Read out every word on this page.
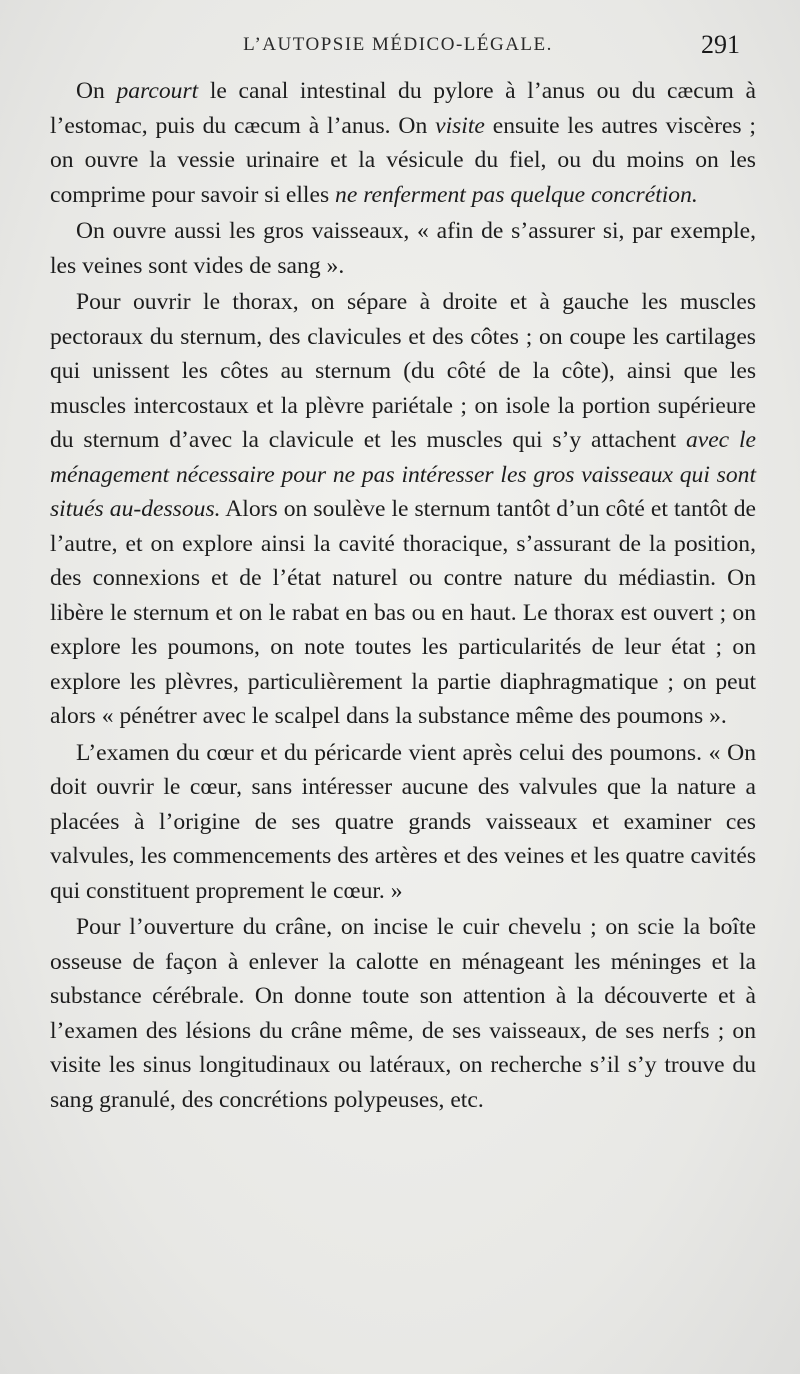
L’AUTOPSIE MÉDICO-LÉGALE.	291

On parcourt le canal intestinal du pylore à l’anus ou du cæcum à l’estomac, puis du cæcum à l’anus. On visite ensuite les autres viscères ; on ouvre la vessie urinaire et la vésicule du fiel, ou du moins on les comprime pour savoir si elles ne renferment pas quelque concrétion.

On ouvre aussi les gros vaisseaux, « afin de s’assurer si, par exemple, les veines sont vides de sang ».

Pour ouvrir le thorax, on sépare à droite et à gauche les muscles pectoraux du sternum, des clavicules et des côtes ; on coupe les cartilages qui unissent les côtes au sternum (du côté de la côte), ainsi que les muscles intercostaux et la plèvre pariétale ; on isole la portion supérieure du sternum d’avec la clavicule et les muscles qui s’y attachent avec le ménagement nécessaire pour ne pas intéresser les gros vaisseaux qui sont situés au-dessous. Alors on soulève le sternum tantôt d’un côté et tantôt de l’autre, et on explore ainsi la cavité thoracique, s’assurant de la position, des connexions et de l’état naturel ou contre nature du médiastin. On libère le sternum et on le rabat en bas ou en haut. Le thorax est ouvert ; on explore les poumons, on note toutes les particularités de leur état ; on explore les plèvres, particulièrement la partie diaphragmatique ; on peut alors « pénétrer avec le scalpel dans la substance même des poumons ».

L’examen du cœur et du péricarde vient après celui des poumons. « On doit ouvrir le cœur, sans intéresser aucune des valvules que la nature a placées à l’origine de ses quatre grands vaisseaux et examiner ces valvules, les commencements des artères et des veines et les quatre cavités qui constituent proprement le cœur. »

Pour l’ouverture du crâne, on incise le cuir chevelu ; on scie la boîte osseuse de façon à enlever la calotte en ménageant les méninges et la substance cérébrale. On donne toute son attention à la découverte et à l’examen des lésions du crâne même, de ses vaisseaux, de ses nerfs ; on visite les sinus longitudinaux ou latéraux, on recherche s’il s’y trouve du sang granulé, des concrétions polypeuses, etc.
